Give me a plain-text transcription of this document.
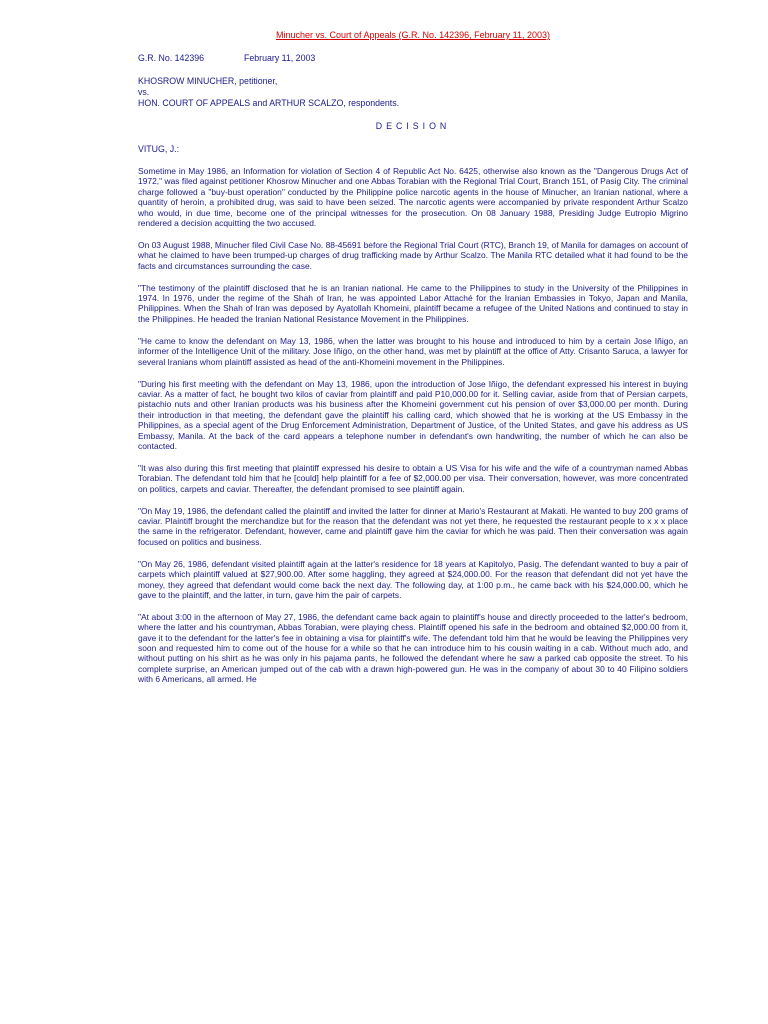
Minucher vs. Court of Appeals (G.R. No. 142396, February 11, 2003)
G.R. No. 142396	February 11, 2003
KHOSROW MINUCHER, petitioner,
vs.
HON. COURT OF APPEALS and ARTHUR SCALZO, respondents.
DECISION
VITUG, J.:

Sometime in May 1986, an Information for violation of Section 4 of Republic Act No. 6425, otherwise also known as the "Dangerous Drugs Act of 1972," was filed against petitioner Khosrow Minucher and one Abbas Torabian with the Regional Trial Court, Branch 151, of Pasig City. The criminal charge followed a "buy-bust operation" conducted by the Philippine police narcotic agents in the house of Minucher, an Iranian national, where a quantity of heroin, a prohibited drug, was said to have been seized. The narcotic agents were accompanied by private respondent Arthur Scalzo who would, in due time, become one of the principal witnesses for the prosecution. On 08 January 1988, Presiding Judge Eutropio Migrino rendered a decision acquitting the two accused.

On 03 August 1988, Minucher filed Civil Case No. 88-45691 before the Regional Trial Court (RTC), Branch 19, of Manila for damages on account of what he claimed to have been trumped-up charges of drug trafficking made by Arthur Scalzo. The Manila RTC detailed what it had found to be the facts and circumstances surrounding the case.

"The testimony of the plaintiff disclosed that he is an Iranian national. He came to the Philippines to study in the University of the Philippines in 1974. In 1976, under the regime of the Shah of Iran, he was appointed Labor Attaché for the Iranian Embassies in Tokyo, Japan and Manila, Philippines. When the Shah of Iran was deposed by Ayatollah Khomeini, plaintiff became a refugee of the United Nations and continued to stay in the Philippines. He headed the Iranian National Resistance Movement in the Philippines.

"He came to know the defendant on May 13, 1986, when the latter was brought to his house and introduced to him by a certain Jose Iñigo, an informer of the Intelligence Unit of the military. Jose Iñigo, on the other hand, was met by plaintiff at the office of Atty. Crisanto Saruca, a lawyer for several Iranians whom plaintiff assisted as head of the anti-Khomeini movement in the Philippines.

"During his first meeting with the defendant on May 13, 1986, upon the introduction of Jose Iñigo, the defendant expressed his interest in buying caviar. As a matter of fact, he bought two kilos of caviar from plaintiff and paid P10,000.00 for it. Selling caviar, aside from that of Persian carpets, pistachio nuts and other Iranian products was his business after the Khomeini government cut his pension of over $3,000.00 per month. During their introduction in that meeting, the defendant gave the plaintiff his calling card, which showed that he is working at the US Embassy in the Philippines, as a special agent of the Drug Enforcement Administration, Department of Justice, of the United States, and gave his address as US Embassy, Manila. At the back of the card appears a telephone number in defendant's own handwriting, the number of which he can also be contacted.

"It was also during this first meeting that plaintiff expressed his desire to obtain a US Visa for his wife and the wife of a countryman named Abbas Torabian. The defendant told him that he [could] help plaintiff for a fee of $2,000.00 per visa. Their conversation, however, was more concentrated on politics, carpets and caviar. Thereafter, the defendant promised to see plaintiff again.

"On May 19, 1986, the defendant called the plaintiff and invited the latter for dinner at Mario's Restaurant at Makati. He wanted to buy 200 grams of caviar. Plaintiff brought the merchandize but for the reason that the defendant was not yet there, he requested the restaurant people to x x x place the same in the refrigerator. Defendant, however, came and plaintiff gave him the caviar for which he was paid. Then their conversation was again focused on politics and business.

"On May 26, 1986, defendant visited plaintiff again at the latter's residence for 18 years at Kapitolyo, Pasig. The defendant wanted to buy a pair of carpets which plaintiff valued at $27,900.00. After some haggling, they agreed at $24,000.00. For the reason that defendant did not yet have the money, they agreed that defendant would come back the next day. The following day, at 1:00 p.m., he came back with his $24,000.00, which he gave to the plaintiff, and the latter, in turn, gave him the pair of carpets.

"At about 3:00 in the afternoon of May 27, 1986, the defendant came back again to plaintiff's house and directly proceeded to the latter's bedroom, where the latter and his countryman, Abbas Torabian, were playing chess. Plaintiff opened his safe in the bedroom and obtained $2,000.00 from it, gave it to the defendant for the latter's fee in obtaining a visa for plaintiff's wife. The defendant told him that he would be leaving the Philippines very soon and requested him to come out of the house for a while so that he can introduce him to his cousin waiting in a cab. Without much ado, and without putting on his shirt as he was only in his pajama pants, he followed the defendant where he saw a parked cab opposite the street. To his complete surprise, an American jumped out of the cab with a drawn high-powered gun. He was in the company of about 30 to 40 Filipino soldiers with 6 Americans, all armed. He
